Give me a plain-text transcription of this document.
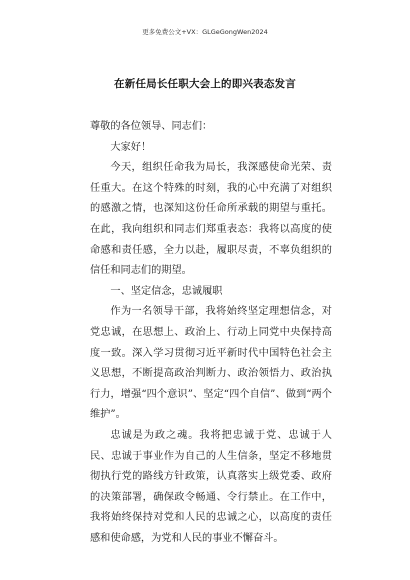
更多免费公文+VX：GLGeGongWen2024
在新任局长任职大会上的即兴表态发言

尊敬的各位领导、同志们：

大家好！

今天，组织任命我为局长，我深感使命光荣、责任重大。在这个特殊的时刻，我的心中充满了对组织的感激之情，也深知这份任命所承载的期望与重托。在此，我向组织和同志们郑重表态：我将以高度的使命感和责任感，全力以赴，履职尽责，不辜负组织的信任和同志们的期望。

一、坚定信念，忠诚履职

作为一名领导干部，我将始终坚定理想信念，对党忠诚，在思想上、政治上、行动上同党中央保持高度一致。深入学习贯彻习近平新时代中国特色社会主义思想，不断提高政治判断力、政治领悟力、政治执行力，增强“四个意识”、坚定“四个自信”、做到“两个维护”。

忠诚是为政之魂。我将把忠诚于党、忠诚于人民、忠诚于事业作为自己的人生信条，坚定不移地贯彻执行党的路线方针政策，认真落实上级党委、政府的决策部署，确保政令畅通、令行禁止。在工作中，我将始终保持对党和人民的忠诚之心，以高度的责任感和使命感，为党和人民的事业不懈奋斗。
